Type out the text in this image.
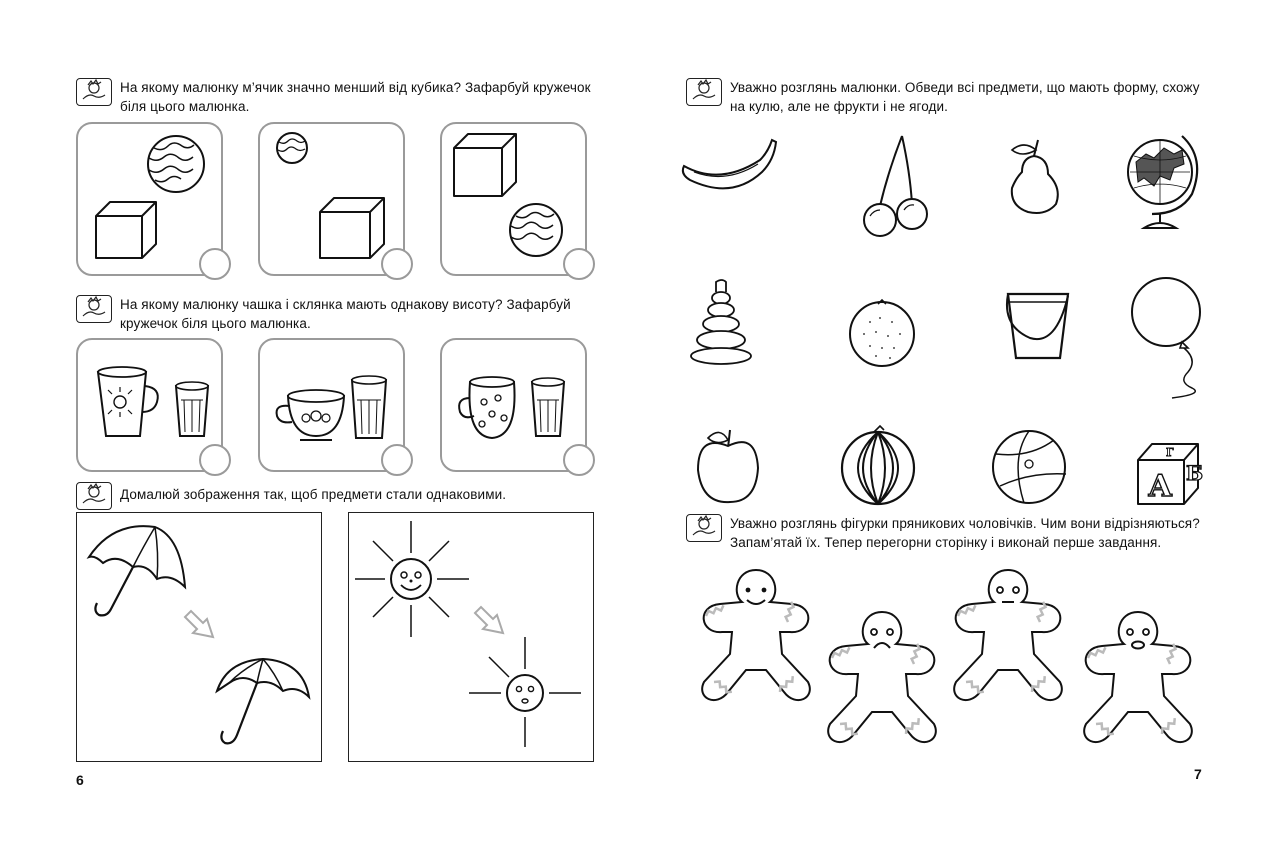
На якому малюнку м’ячик значно менший від кубика? Зафарбуй кружечок біля цього малюнка.
На якому малюнку чашка і склянка мають однакову висоту? Зафарбуй кружечок біля цього малюнка.
Домалюй зображення так, щоб предмети стали однаковими.
6
Уважно розглянь малюнки. Обведи всі предмети, що мають форму, схожу на кулю, але не фрукти і не ягоди.
А Б
Г
Уважно розглянь фігурки пряникових чоловічків. Чим вони відрізняються? Запам’ятай їх. Тепер перегорни сторінку і виконай перше завдання.
7
